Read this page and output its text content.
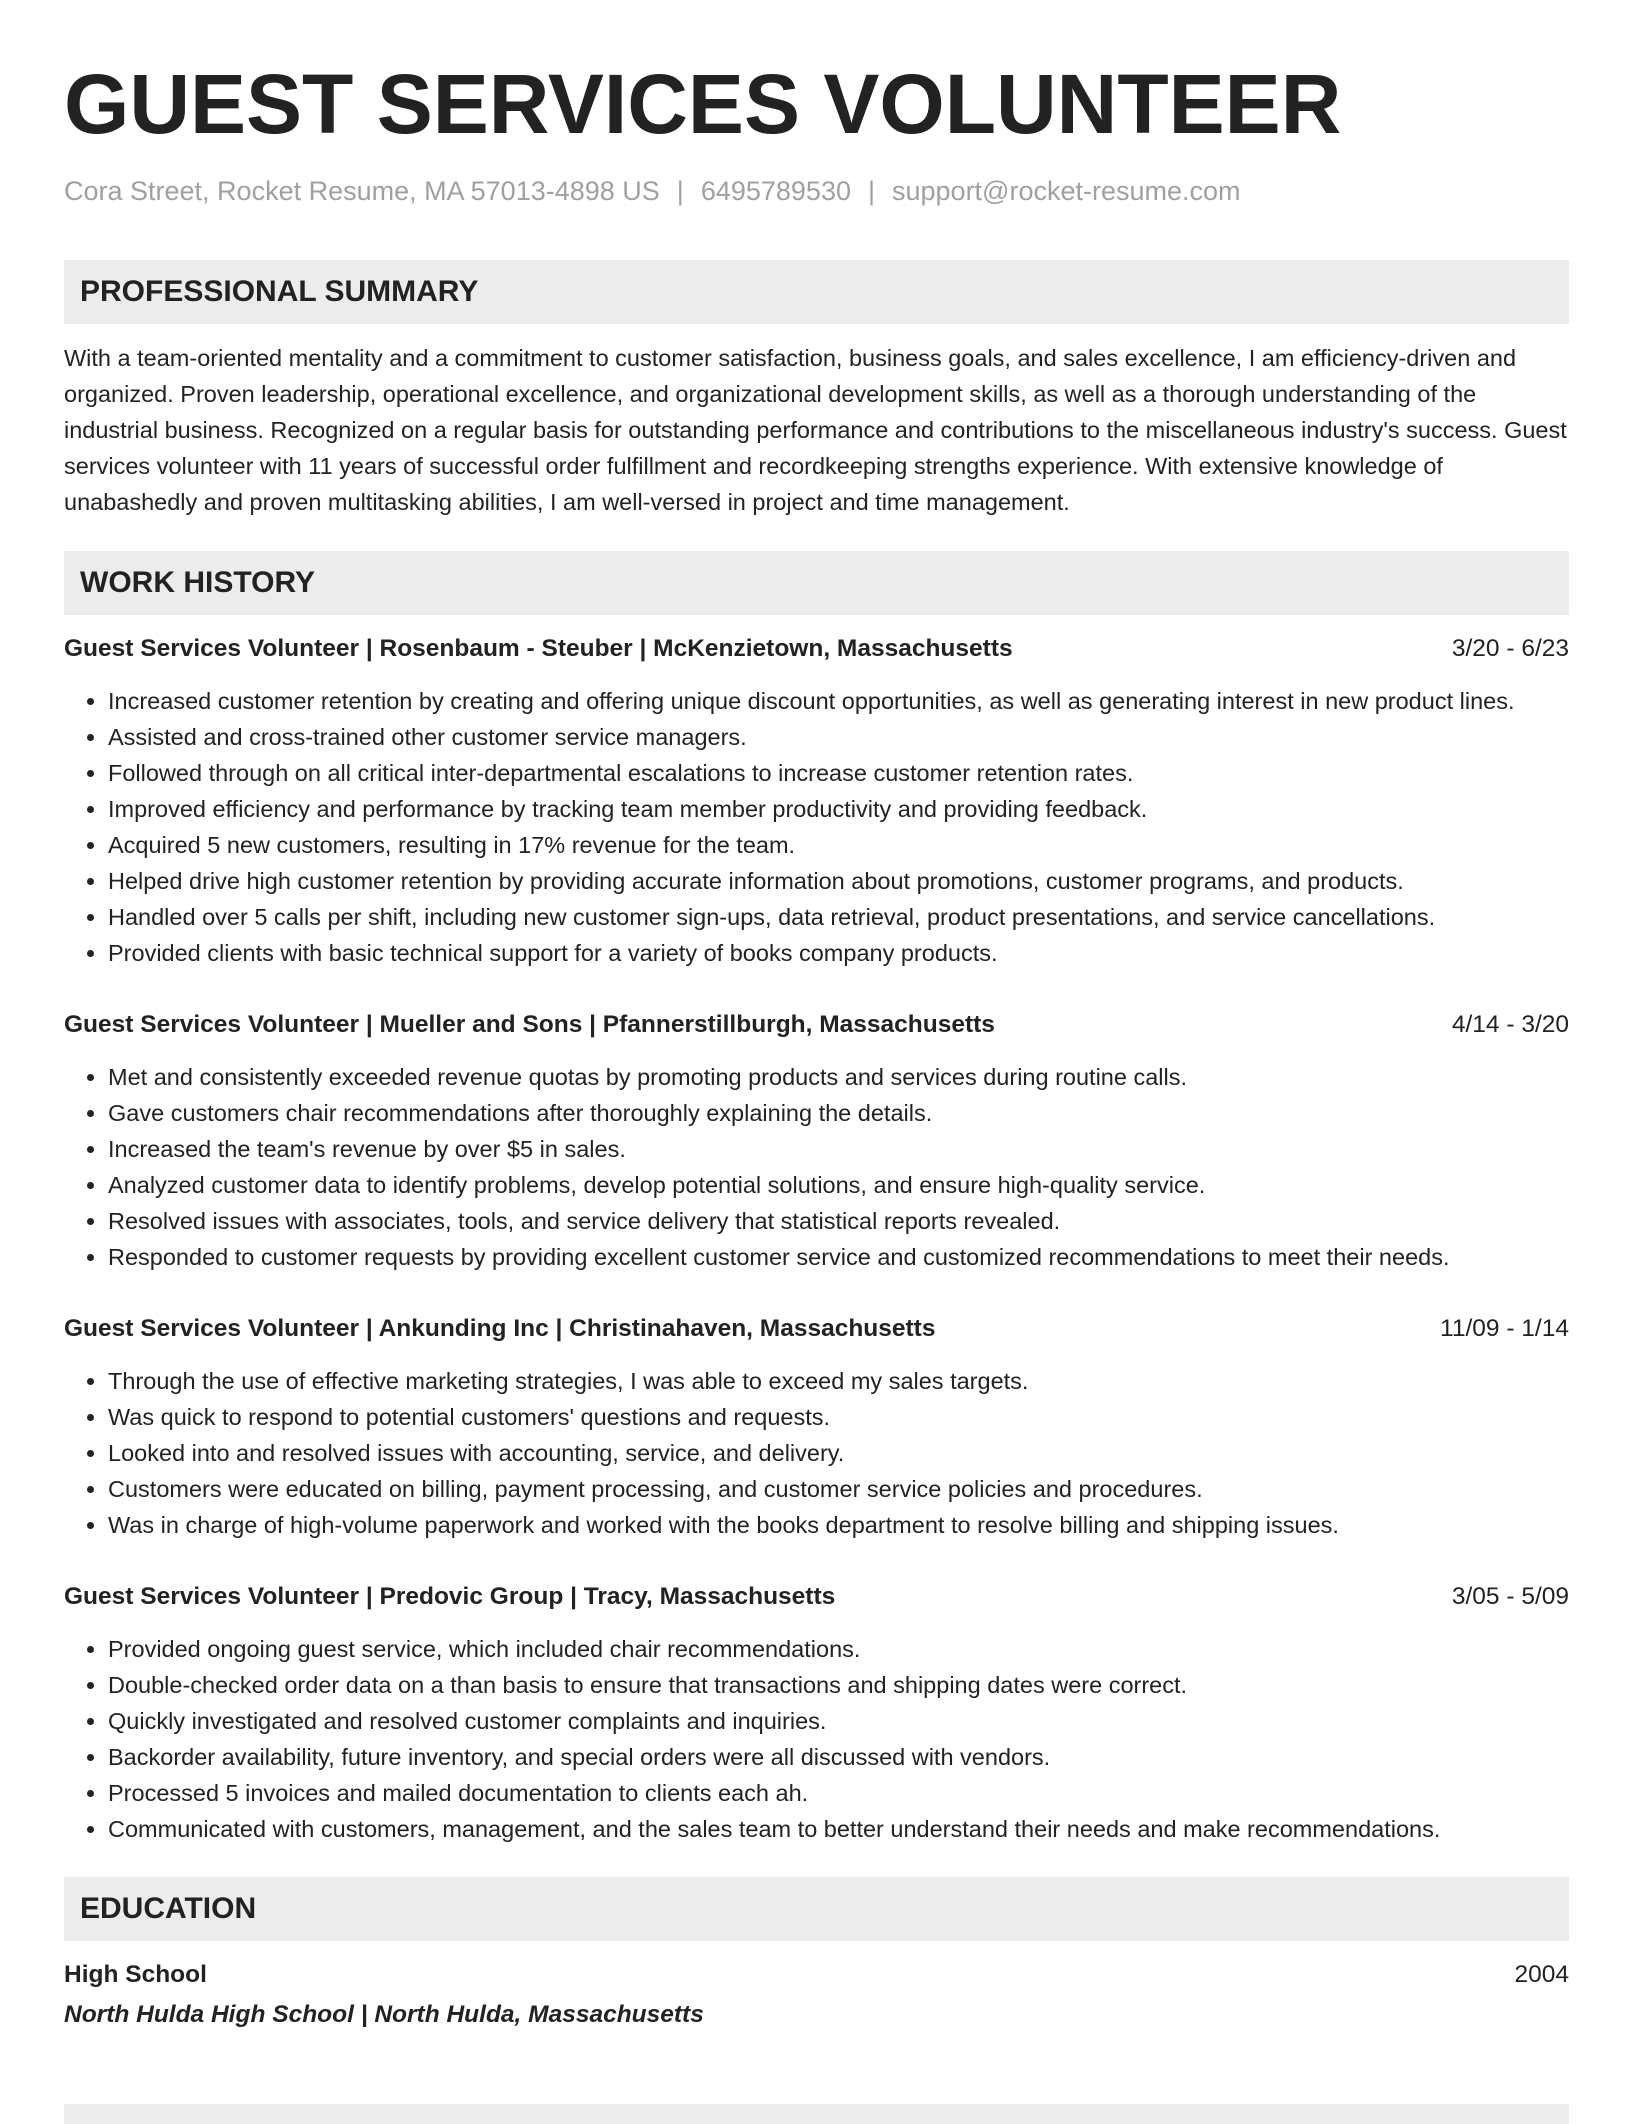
GUEST SERVICES VOLUNTEER
Cora Street, Rocket Resume, MA 57013-4898 US | 6495789530 | support@rocket-resume.com
PROFESSIONAL SUMMARY
With a team-oriented mentality and a commitment to customer satisfaction, business goals, and sales excellence, I am efficiency-driven and organized. Proven leadership, operational excellence, and organizational development skills, as well as a thorough understanding of the industrial business. Recognized on a regular basis for outstanding performance and contributions to the miscellaneous industry's success. Guest services volunteer with 11 years of successful order fulfillment and recordkeeping strengths experience. With extensive knowledge of unabashedly and proven multitasking abilities, I am well-versed in project and time management.
WORK HISTORY
Guest Services Volunteer | Rosenbaum - Steuber | McKenzietown, Massachusetts	3/20 - 6/23
• Increased customer retention by creating and offering unique discount opportunities, as well as generating interest in new product lines.
• Assisted and cross-trained other customer service managers.
• Followed through on all critical inter-departmental escalations to increase customer retention rates.
• Improved efficiency and performance by tracking team member productivity and providing feedback.
• Acquired 5 new customers, resulting in 17% revenue for the team.
• Helped drive high customer retention by providing accurate information about promotions, customer programs, and products.
• Handled over 5 calls per shift, including new customer sign-ups, data retrieval, product presentations, and service cancellations.
• Provided clients with basic technical support for a variety of books company products.
Guest Services Volunteer | Mueller and Sons | Pfannerstillburgh, Massachusetts	4/14 - 3/20
• Met and consistently exceeded revenue quotas by promoting products and services during routine calls.
• Gave customers chair recommendations after thoroughly explaining the details.
• Increased the team's revenue by over $5 in sales.
• Analyzed customer data to identify problems, develop potential solutions, and ensure high-quality service.
• Resolved issues with associates, tools, and service delivery that statistical reports revealed.
• Responded to customer requests by providing excellent customer service and customized recommendations to meet their needs.
Guest Services Volunteer | Ankunding Inc | Christinahaven, Massachusetts	11/09 - 1/14
• Through the use of effective marketing strategies, I was able to exceed my sales targets.
• Was quick to respond to potential customers' questions and requests.
• Looked into and resolved issues with accounting, service, and delivery.
• Customers were educated on billing, payment processing, and customer service policies and procedures.
• Was in charge of high-volume paperwork and worked with the books department to resolve billing and shipping issues.
Guest Services Volunteer | Predovic Group | Tracy, Massachusetts	3/05 - 5/09
• Provided ongoing guest service, which included chair recommendations.
• Double-checked order data on a than basis to ensure that transactions and shipping dates were correct.
• Quickly investigated and resolved customer complaints and inquiries.
• Backorder availability, future inventory, and special orders were all discussed with vendors.
• Processed 5 invoices and mailed documentation to clients each ah.
• Communicated with customers, management, and the sales team to better understand their needs and make recommendations.
EDUCATION
High School	2004
North Hulda High School | North Hulda, Massachusetts
